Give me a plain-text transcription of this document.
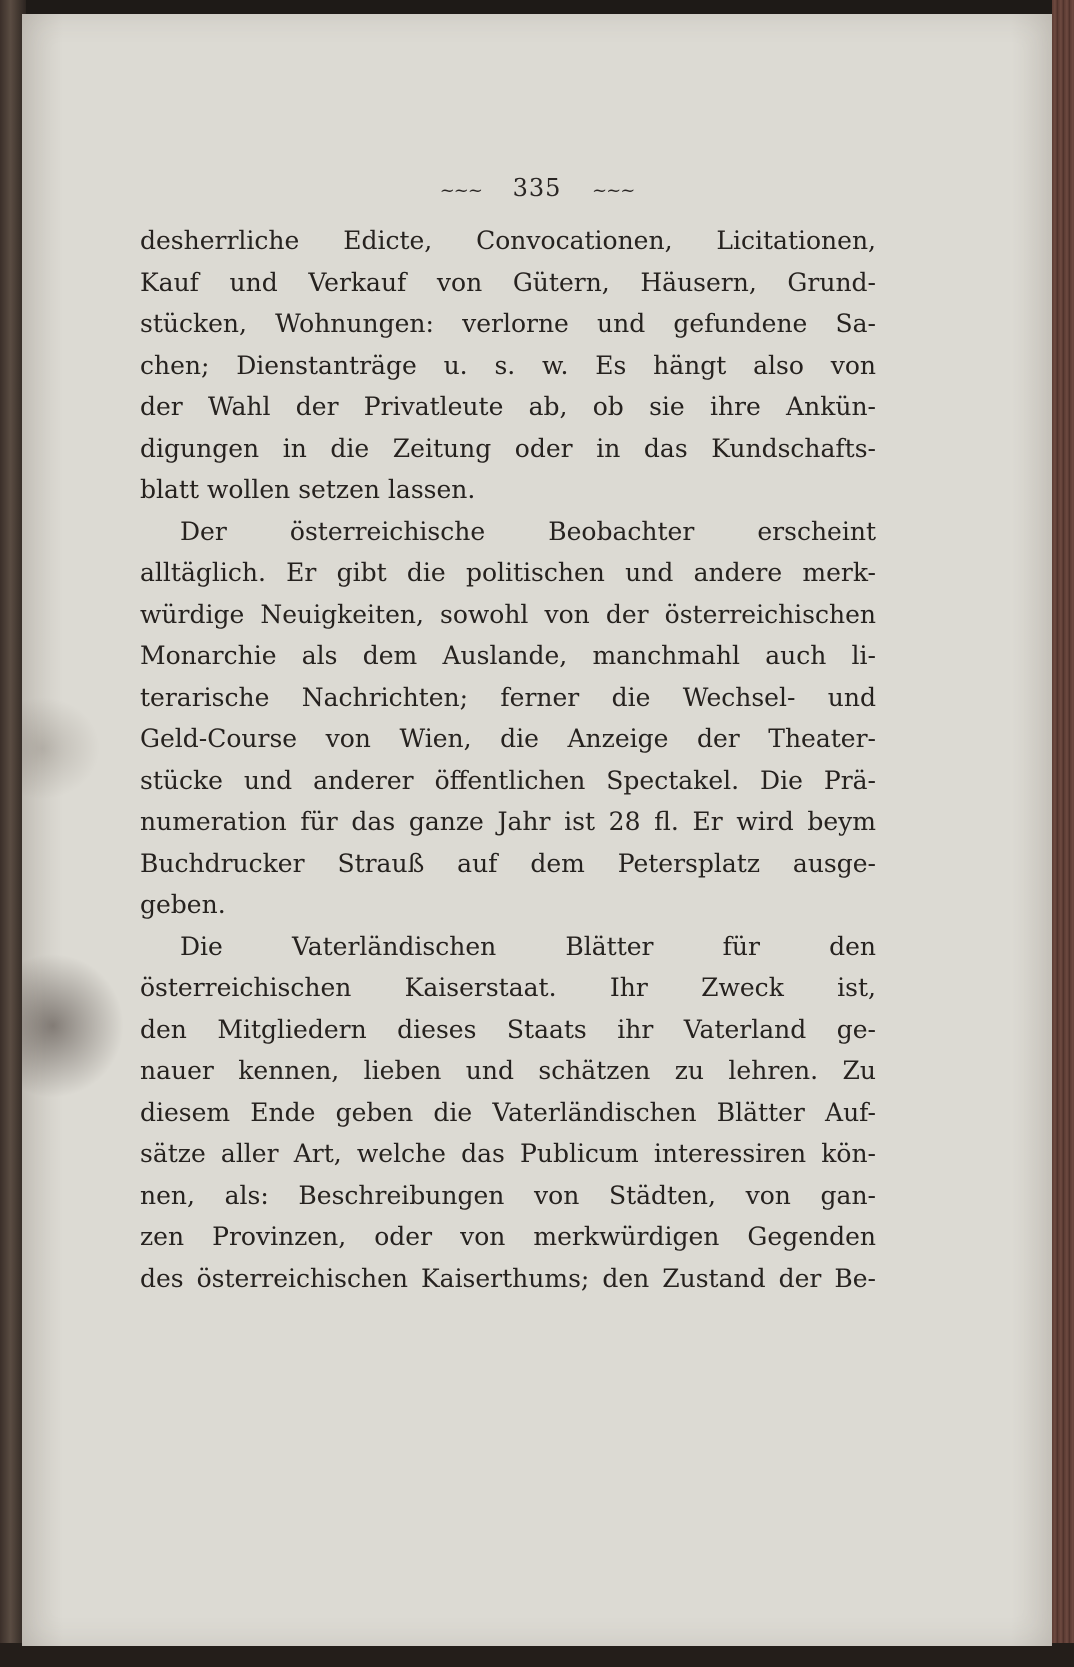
~~~ 335 ~~~
desherrliche Edicte, Convocationen, Licitationen,
Kauf und Verkauf von Gütern, Häusern, Grund-
stücken, Wohnungen: verlorne und gefundene Sa-
chen; Dienstanträge u. s. w. Es hängt also von
der Wahl der Privatleute ab, ob sie ihre Ankün-
digungen in die Zeitung oder in das Kundschafts-
blatt wollen setzen lassen.
Der österreichische Beobachter erscheint
alltäglich. Er gibt die politischen und andere merk-
würdige Neuigkeiten, sowohl von der österreichischen
Monarchie als dem Auslande, manchmahl auch li-
terarische Nachrichten; ferner die Wechsel- und
Geld-Course von Wien, die Anzeige der Theater-
stücke und anderer öffentlichen Spectakel. Die Prä-
numeration für das ganze Jahr ist 28 fl. Er wird beym
Buchdrucker Strauß auf dem Petersplatz ausge-
geben.
Die Vaterländischen Blätter für den
österreichischen Kaiserstaat. Ihr Zweck ist,
den Mitgliedern dieses Staats ihr Vaterland ge-
nauer kennen, lieben und schätzen zu lehren. Zu
diesem Ende geben die Vaterländischen Blätter Auf-
sätze aller Art, welche das Publicum interessiren kön-
nen, als: Beschreibungen von Städten, von gan-
zen Provinzen, oder von merkwürdigen Gegenden
des österreichischen Kaiserthums; den Zustand der Be-
